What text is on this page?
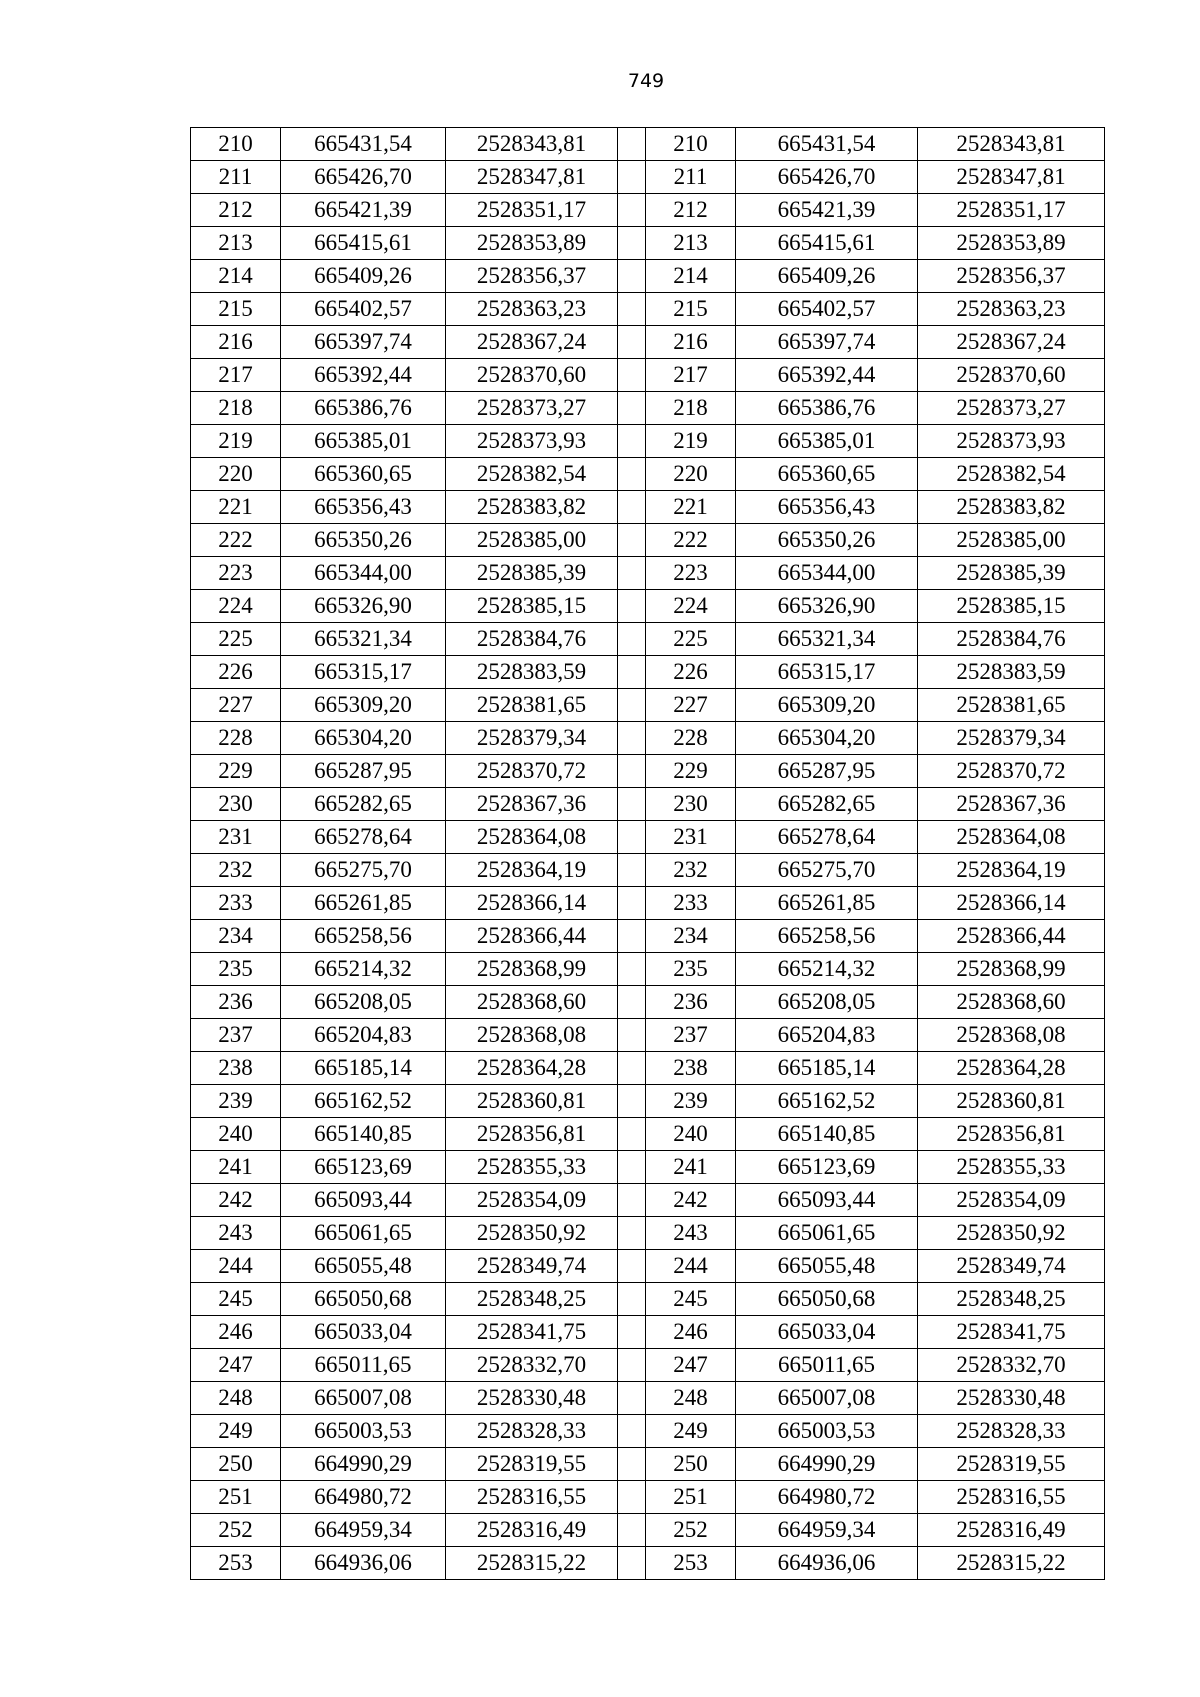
749
210	665431,54	2528343,81		210	665431,54	2528343,81
211	665426,70	2528347,81		211	665426,70	2528347,81
212	665421,39	2528351,17		212	665421,39	2528351,17
213	665415,61	2528353,89		213	665415,61	2528353,89
214	665409,26	2528356,37		214	665409,26	2528356,37
215	665402,57	2528363,23		215	665402,57	2528363,23
216	665397,74	2528367,24		216	665397,74	2528367,24
217	665392,44	2528370,60		217	665392,44	2528370,60
218	665386,76	2528373,27		218	665386,76	2528373,27
219	665385,01	2528373,93		219	665385,01	2528373,93
220	665360,65	2528382,54		220	665360,65	2528382,54
221	665356,43	2528383,82		221	665356,43	2528383,82
222	665350,26	2528385,00		222	665350,26	2528385,00
223	665344,00	2528385,39		223	665344,00	2528385,39
224	665326,90	2528385,15		224	665326,90	2528385,15
225	665321,34	2528384,76		225	665321,34	2528384,76
226	665315,17	2528383,59		226	665315,17	2528383,59
227	665309,20	2528381,65		227	665309,20	2528381,65
228	665304,20	2528379,34		228	665304,20	2528379,34
229	665287,95	2528370,72		229	665287,95	2528370,72
230	665282,65	2528367,36		230	665282,65	2528367,36
231	665278,64	2528364,08		231	665278,64	2528364,08
232	665275,70	2528364,19		232	665275,70	2528364,19
233	665261,85	2528366,14		233	665261,85	2528366,14
234	665258,56	2528366,44		234	665258,56	2528366,44
235	665214,32	2528368,99		235	665214,32	2528368,99
236	665208,05	2528368,60		236	665208,05	2528368,60
237	665204,83	2528368,08		237	665204,83	2528368,08
238	665185,14	2528364,28		238	665185,14	2528364,28
239	665162,52	2528360,81		239	665162,52	2528360,81
240	665140,85	2528356,81		240	665140,85	2528356,81
241	665123,69	2528355,33		241	665123,69	2528355,33
242	665093,44	2528354,09		242	665093,44	2528354,09
243	665061,65	2528350,92		243	665061,65	2528350,92
244	665055,48	2528349,74		244	665055,48	2528349,74
245	665050,68	2528348,25		245	665050,68	2528348,25
246	665033,04	2528341,75		246	665033,04	2528341,75
247	665011,65	2528332,70		247	665011,65	2528332,70
248	665007,08	2528330,48		248	665007,08	2528330,48
249	665003,53	2528328,33		249	665003,53	2528328,33
250	664990,29	2528319,55		250	664990,29	2528319,55
251	664980,72	2528316,55		251	664980,72	2528316,55
252	664959,34	2528316,49		252	664959,34	2528316,49
253	664936,06	2528315,22		253	664936,06	2528315,22
